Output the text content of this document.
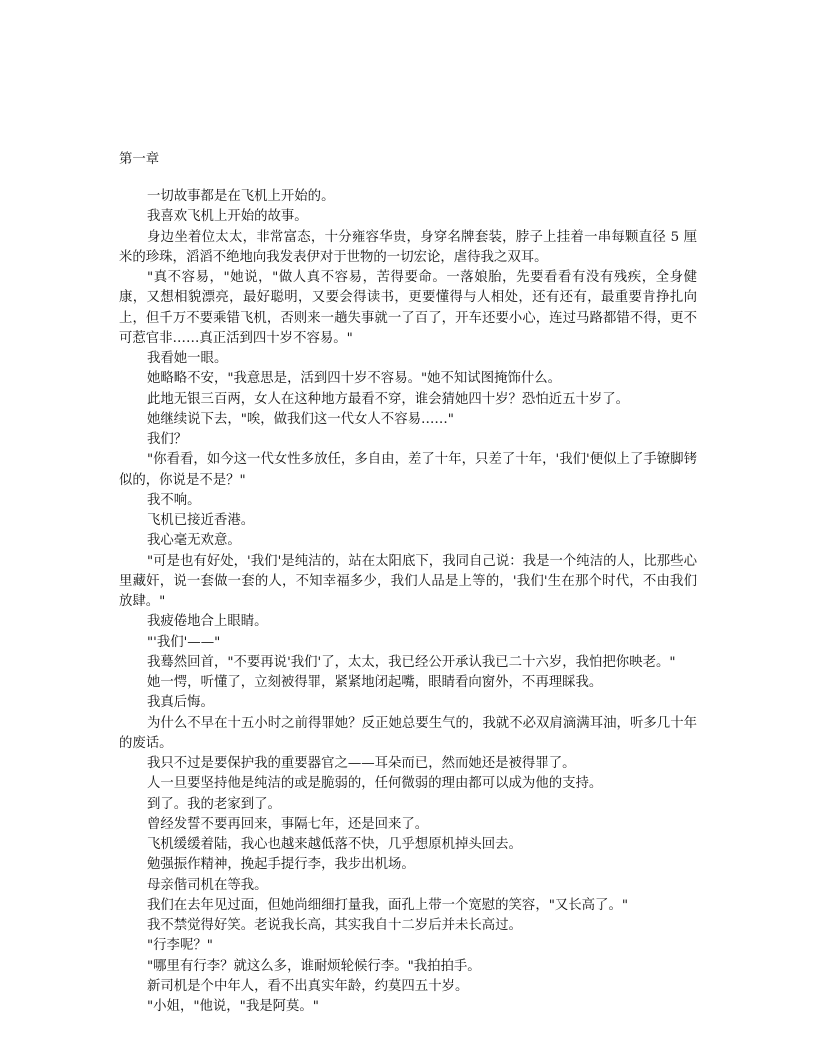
第一章

一切故事都是在飞机上开始的。

我喜欢飞机上开始的故事。

身边坐着位太太，非常富态，十分雍容华贵，身穿名牌套装，脖子上挂着一串每颗直径 5 厘米的珍珠，滔滔不绝地向我发表伊对于世物的一切宏论，虐待我之双耳。

"真不容易，"她说，"做人真不容易，苦得要命。一落娘胎，先要看看有没有残疾，全身健康，又想相貌漂亮，最好聪明，又要会得读书，更要懂得与人相处，还有还有，最重要肯挣扎向上，但千万不要乘错飞机，否则来一趟失事就一了百了，开车还要小心，连过马路都错不得，更不可惹官非……真正活到四十岁不容易。"

我看她一眼。

她略略不安，"我意思是，活到四十岁不容易。"她不知试图掩饰什么。

此地无银三百两，女人在这种地方最看不穿，谁会猜她四十岁？恐怕近五十岁了。

她继续说下去，"唉，做我们这一代女人不容易……"

我们？

"你看看，如今这一代女性多放任，多自由，差了十年，只差了十年，'我们'便似上了手镣脚铐似的，你说是不是？"

我不响。

飞机已接近香港。

我心毫无欢意。

"可是也有好处，'我们'是纯洁的，站在太阳底下，我同自己说：我是一个纯洁的人，比那些心里藏奸，说一套做一套的人，不知幸福多少，我们人品是上等的，'我们'生在那个时代，不由我们放肆。"

我疲倦地合上眼睛。

"'我们'——"

我蓦然回首，"不要再说'我们'了，太太，我已经公开承认我已二十六岁，我怕把你映老。"

她一愕，听懂了，立刻被得罪，紧紧地闭起嘴，眼睛看向窗外，不再理睬我。

我真后悔。

为什么不早在十五小时之前得罪她？反正她总要生气的，我就不必双肩滴满耳油，听多几十年的废话。

我只不过是要保护我的重要器官之——耳朵而已，然而她还是被得罪了。

人一旦要坚持他是纯洁的或是脆弱的，任何微弱的理由都可以成为他的支持。

到了。我的老家到了。

曾经发誓不要再回来，事隔七年，还是回来了。

飞机缓缓着陆，我心也越来越低落不快，几乎想原机掉头回去。

勉强振作精神，挽起手提行李，我步出机场。

母亲偕司机在等我。

我们在去年见过面，但她尚细细打量我，面孔上带一个宽慰的笑容，"又长高了。"

我不禁觉得好笑。老说我长高，其实我自十二岁后并未长高过。

"行李呢？"

"哪里有行李？就这么多，谁耐烦轮候行李。"我拍拍手。

新司机是个中年人，看不出真实年龄，约莫四五十岁。

"小姐，"他说，"我是阿莫。"
